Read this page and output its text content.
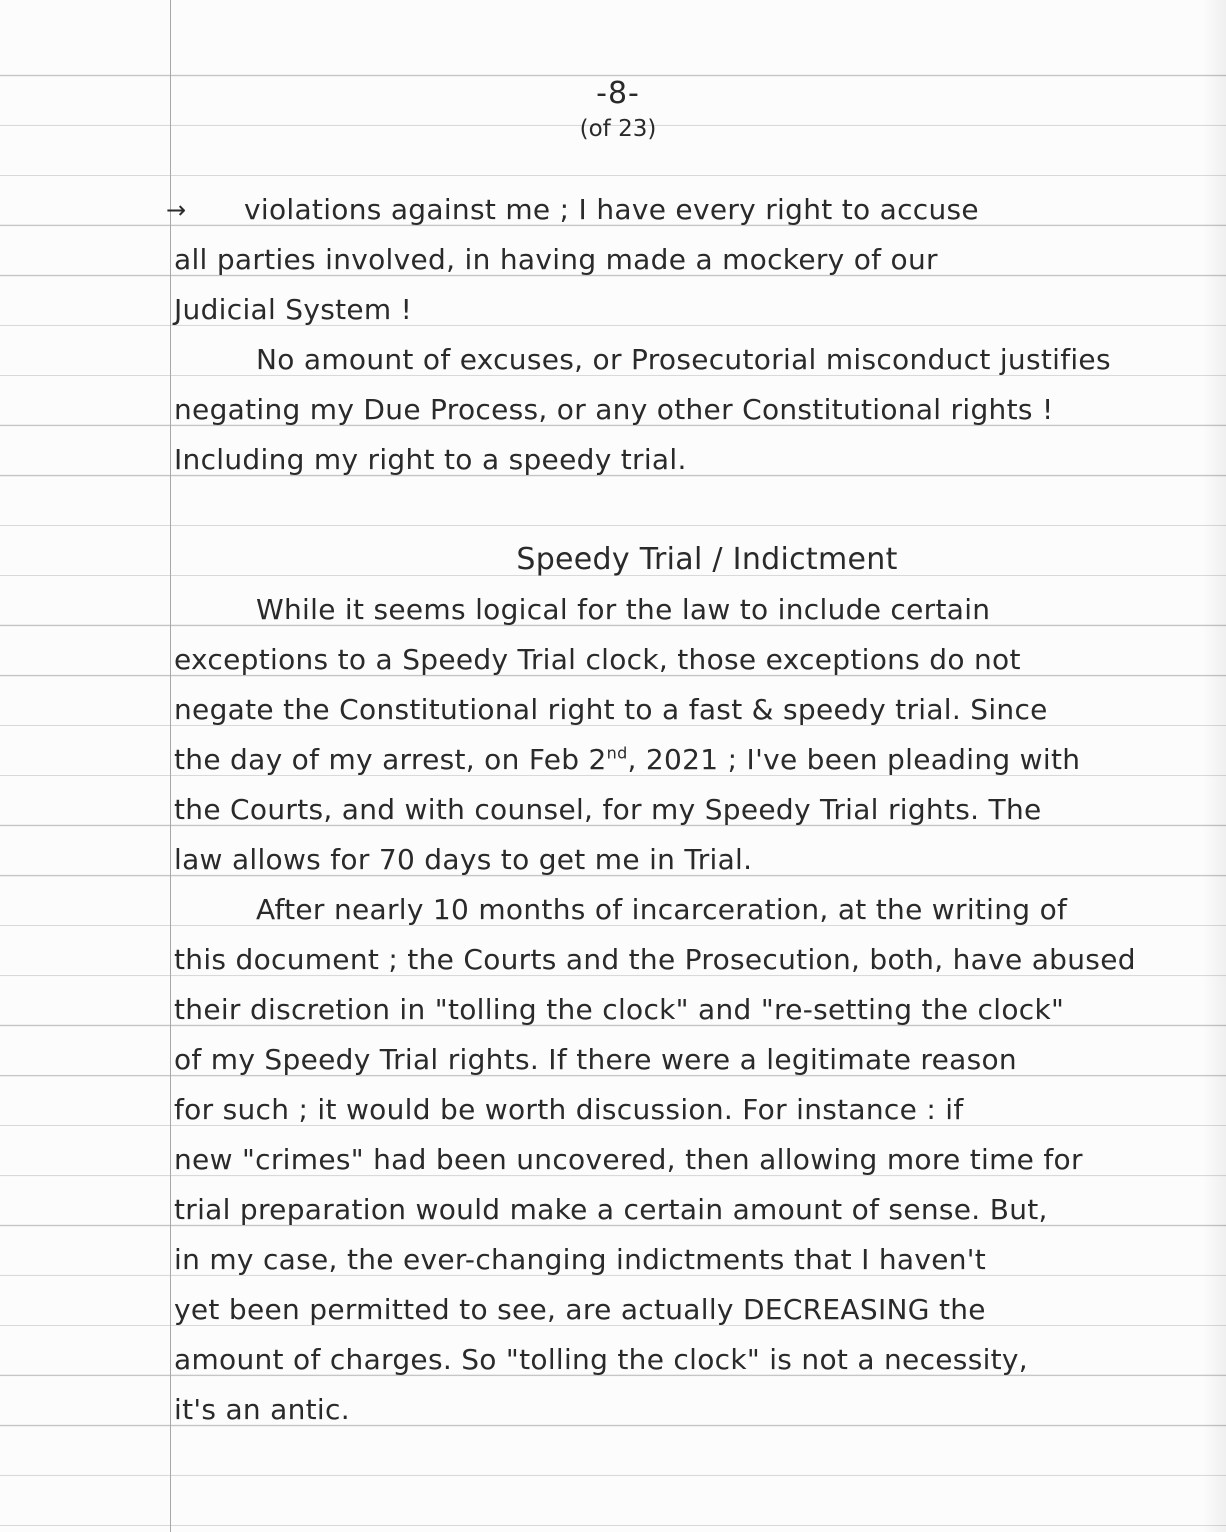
-8-
(of 23)
→ violations against me ; I have every right to accuse
all parties involved, in having made a mockery of our
Judicial System !
No amount of excuses, or Prosecutorial misconduct justifies
negating my Due Process, or any other Constitutional rights !
Including my right to a speedy trial.
Speedy Trial / Indictment
While it seems logical for the law to include certain
exceptions to a Speedy Trial clock, those exceptions do not
negate the Constitutional right to a fast & speedy trial. Since
the day of my arrest, on Feb 2nd, 2021 ; I've been pleading with
the Courts, and with counsel, for my Speedy Trial rights. The
law allows for 70 days to get me in Trial.
After nearly 10 months of incarceration, at the writing of
this document ; the Courts and the Prosecution, both, have abused
their discretion in "tolling the clock" and "re-setting the clock"
of my Speedy Trial rights. If there were a legitimate reason
for such ; it would be worth discussion. For instance : if
new "crimes" had been uncovered, then allowing more time for
trial preparation would make a certain amount of sense. But,
in my case, the ever-changing indictments that I haven't
yet been permitted to see, are actually DECREASING the
amount of charges. So "tolling the clock" is not a necessity,
it's an antic.
